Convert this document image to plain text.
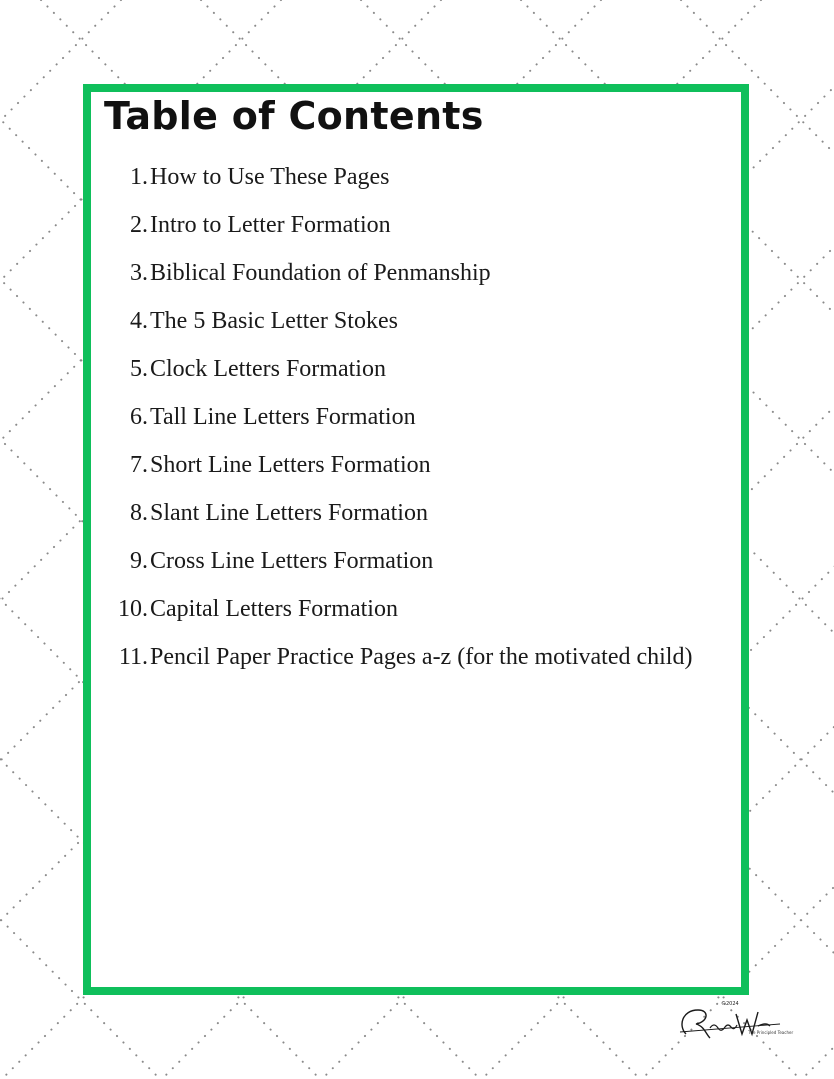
Table of Contents
1. How to Use These Pages
2. Intro to Letter Formation
3. Biblical Foundation of Penmanship
4. The 5 Basic Letter Stokes
5. Clock Letters Formation
6. Tall Line Letters Formation
7. Short Line Letters Formation
8. Slant Line Letters Formation
9. Cross Line Letters Formation
10. Capital Letters Formation
11. Pencil Paper Practice Pages a-z (for the motivated child)
©2024
The Principled Teacher
